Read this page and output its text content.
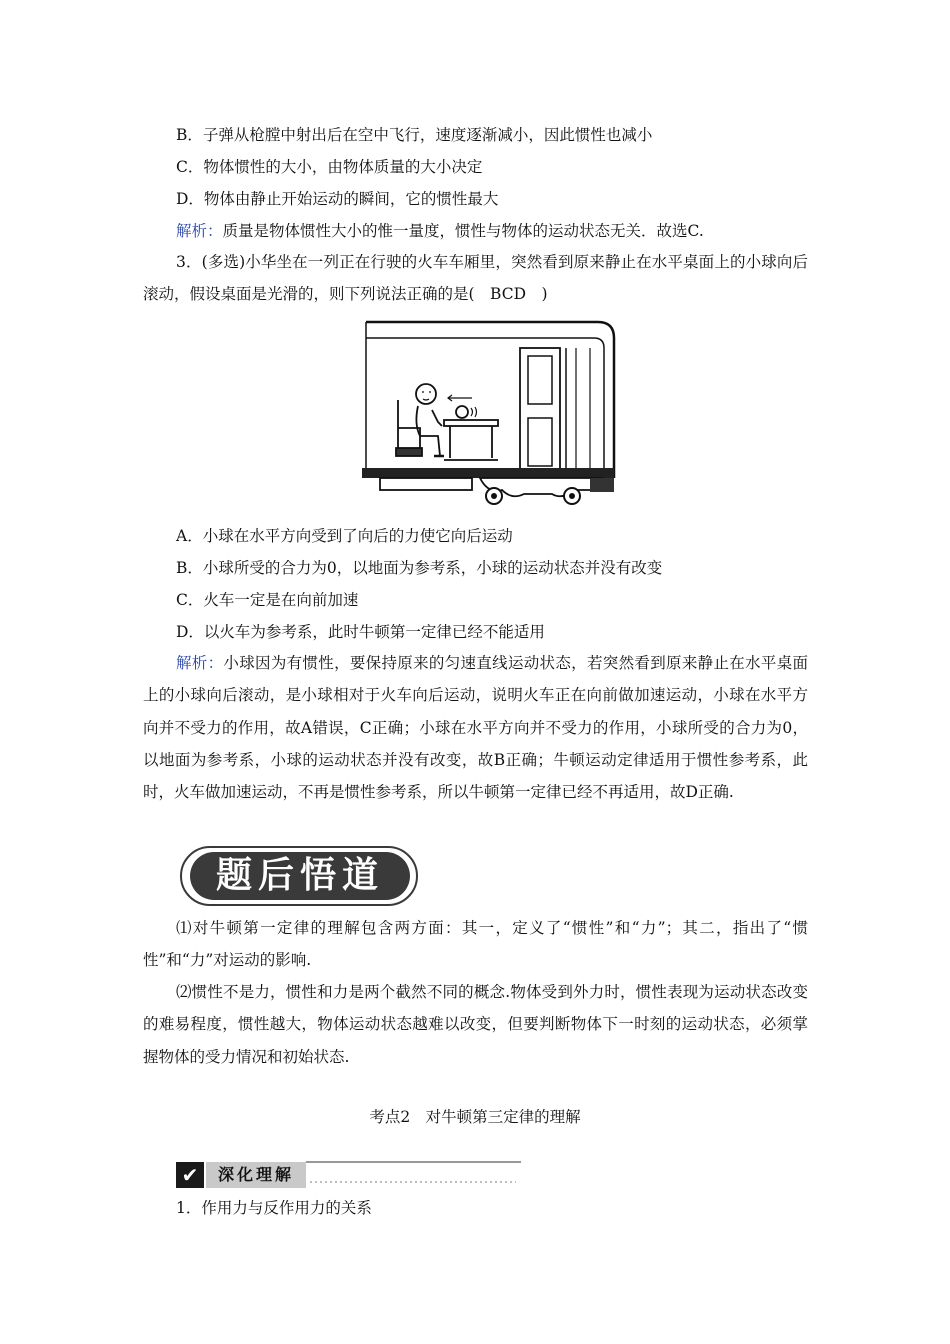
B．子弹从枪膛中射出后在空中飞行，速度逐渐减小，因此惯性也减小
C．物体惯性的大小，由物体质量的大小决定
D．物体由静止开始运动的瞬间，它的惯性最大
解析：质量是物体惯性大小的惟一量度，惯性与物体的运动状态无关．故选C.
3．(多选)小华坐在一列正在行驶的火车车厢里，突然看到原来静止在水平桌面上的小球向后滚动，假设桌面是光滑的，则下列说法正确的是(　BCD　)
A．小球在水平方向受到了向后的力使它向后运动
B．小球所受的合力为0，以地面为参考系，小球的运动状态并没有改变
C．火车一定是在向前加速
D．以火车为参考系，此时牛顿第一定律已经不能适用
解析：小球因为有惯性，要保持原来的匀速直线运动状态，若突然看到原来静止在水平桌面上的小球向后滚动，是小球相对于火车向后运动，说明火车正在向前做加速运动，小球在水平方向并不受力的作用，故A错误，C正确；小球在水平方向并不受力的作用，小球所受的合力为0，以地面为参考系，小球的运动状态并没有改变，故B正确；牛顿运动定律适用于惯性参考系，此时，火车做加速运动，不再是惯性参考系，所以牛顿第一定律已经不再适用，故D正确.
题后悟道
⑴对牛顿第一定律的理解包含两方面：其一，定义了“惯性”和“力”；其二，指出了“惯性”和“力”对运动的影响.
⑵惯性不是力，惯性和力是两个截然不同的概念.物体受到外力时，惯性表现为运动状态改变的难易程度，惯性越大，物体运动状态越难以改变，但要判断物体下一时刻的运动状态，必须掌握物体的受力情况和初始状态.
考点2　对牛顿第三定律的理解
✔	深化理解
1．作用力与反作用力的关系
